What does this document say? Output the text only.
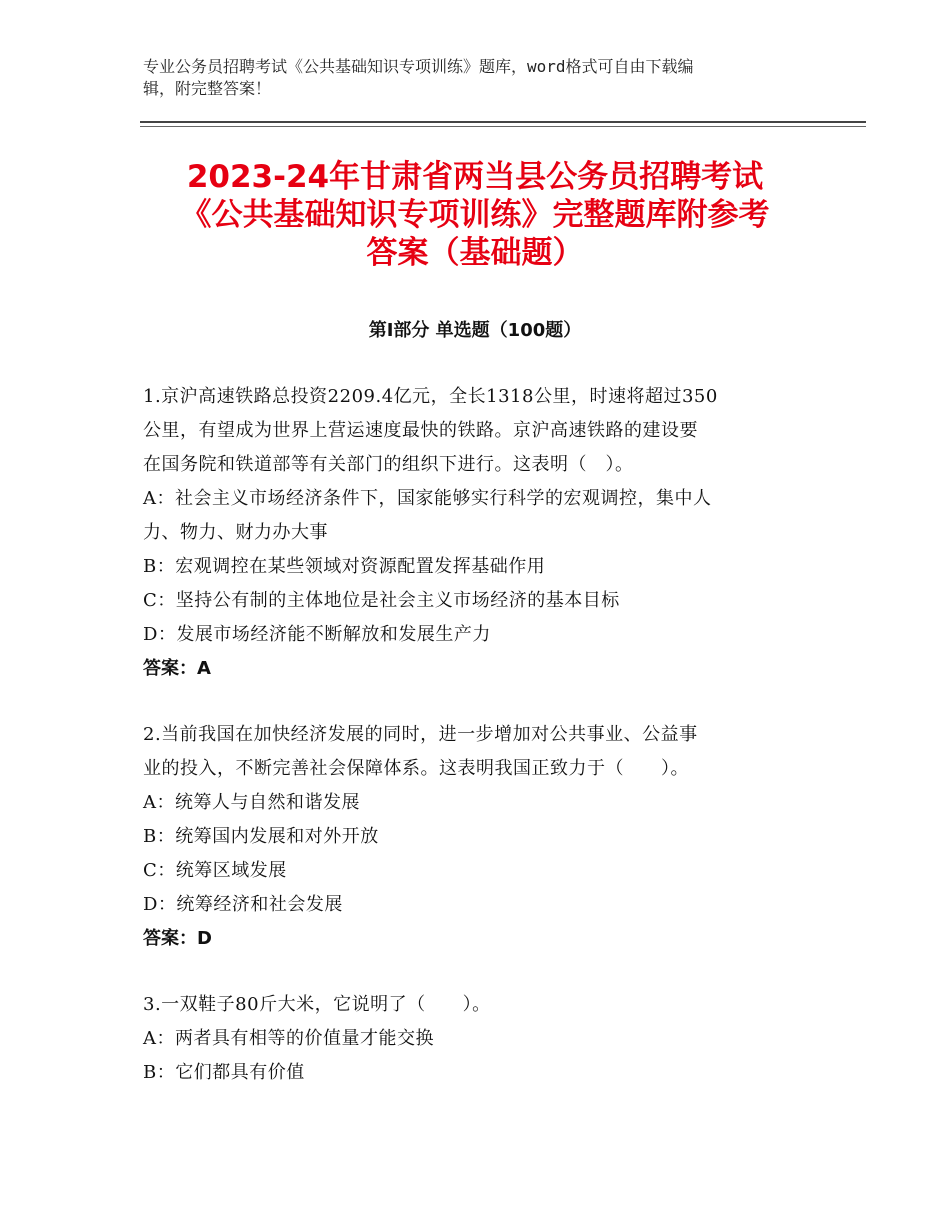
专业公务员招聘考试《公共基础知识专项训练》题库，word格式可自由下载编
辑，附完整答案！
2023-24年甘肃省两当县公务员招聘考试
《公共基础知识专项训练》完整题库附参考
答案（基础题）
第Ⅰ部分 单选题（100题）
1.京沪高速铁路总投资2209.4亿元，全长1318公里，时速将超过350
公里，有望成为世界上营运速度最快的铁路。京沪高速铁路的建设要
在国务院和铁道部等有关部门的组织下进行。这表明（　）。
A：社会主义市场经济条件下，国家能够实行科学的宏观调控，集中人
力、物力、财力办大事
B：宏观调控在某些领域对资源配置发挥基础作用
C：坚持公有制的主体地位是社会主义市场经济的基本目标
D：发展市场经济能不断解放和发展生产力
答案：A
2.当前我国在加快经济发展的同时，进一步增加对公共事业、公益事
业的投入，不断完善社会保障体系。这表明我国正致力于（　　）。
A：统筹人与自然和谐发展
B：统筹国内发展和对外开放
C：统筹区域发展
D：统筹经济和社会发展
答案：D
3.一双鞋子80斤大米，它说明了（　　）。
A：两者具有相等的价值量才能交换
B：它们都具有价值
